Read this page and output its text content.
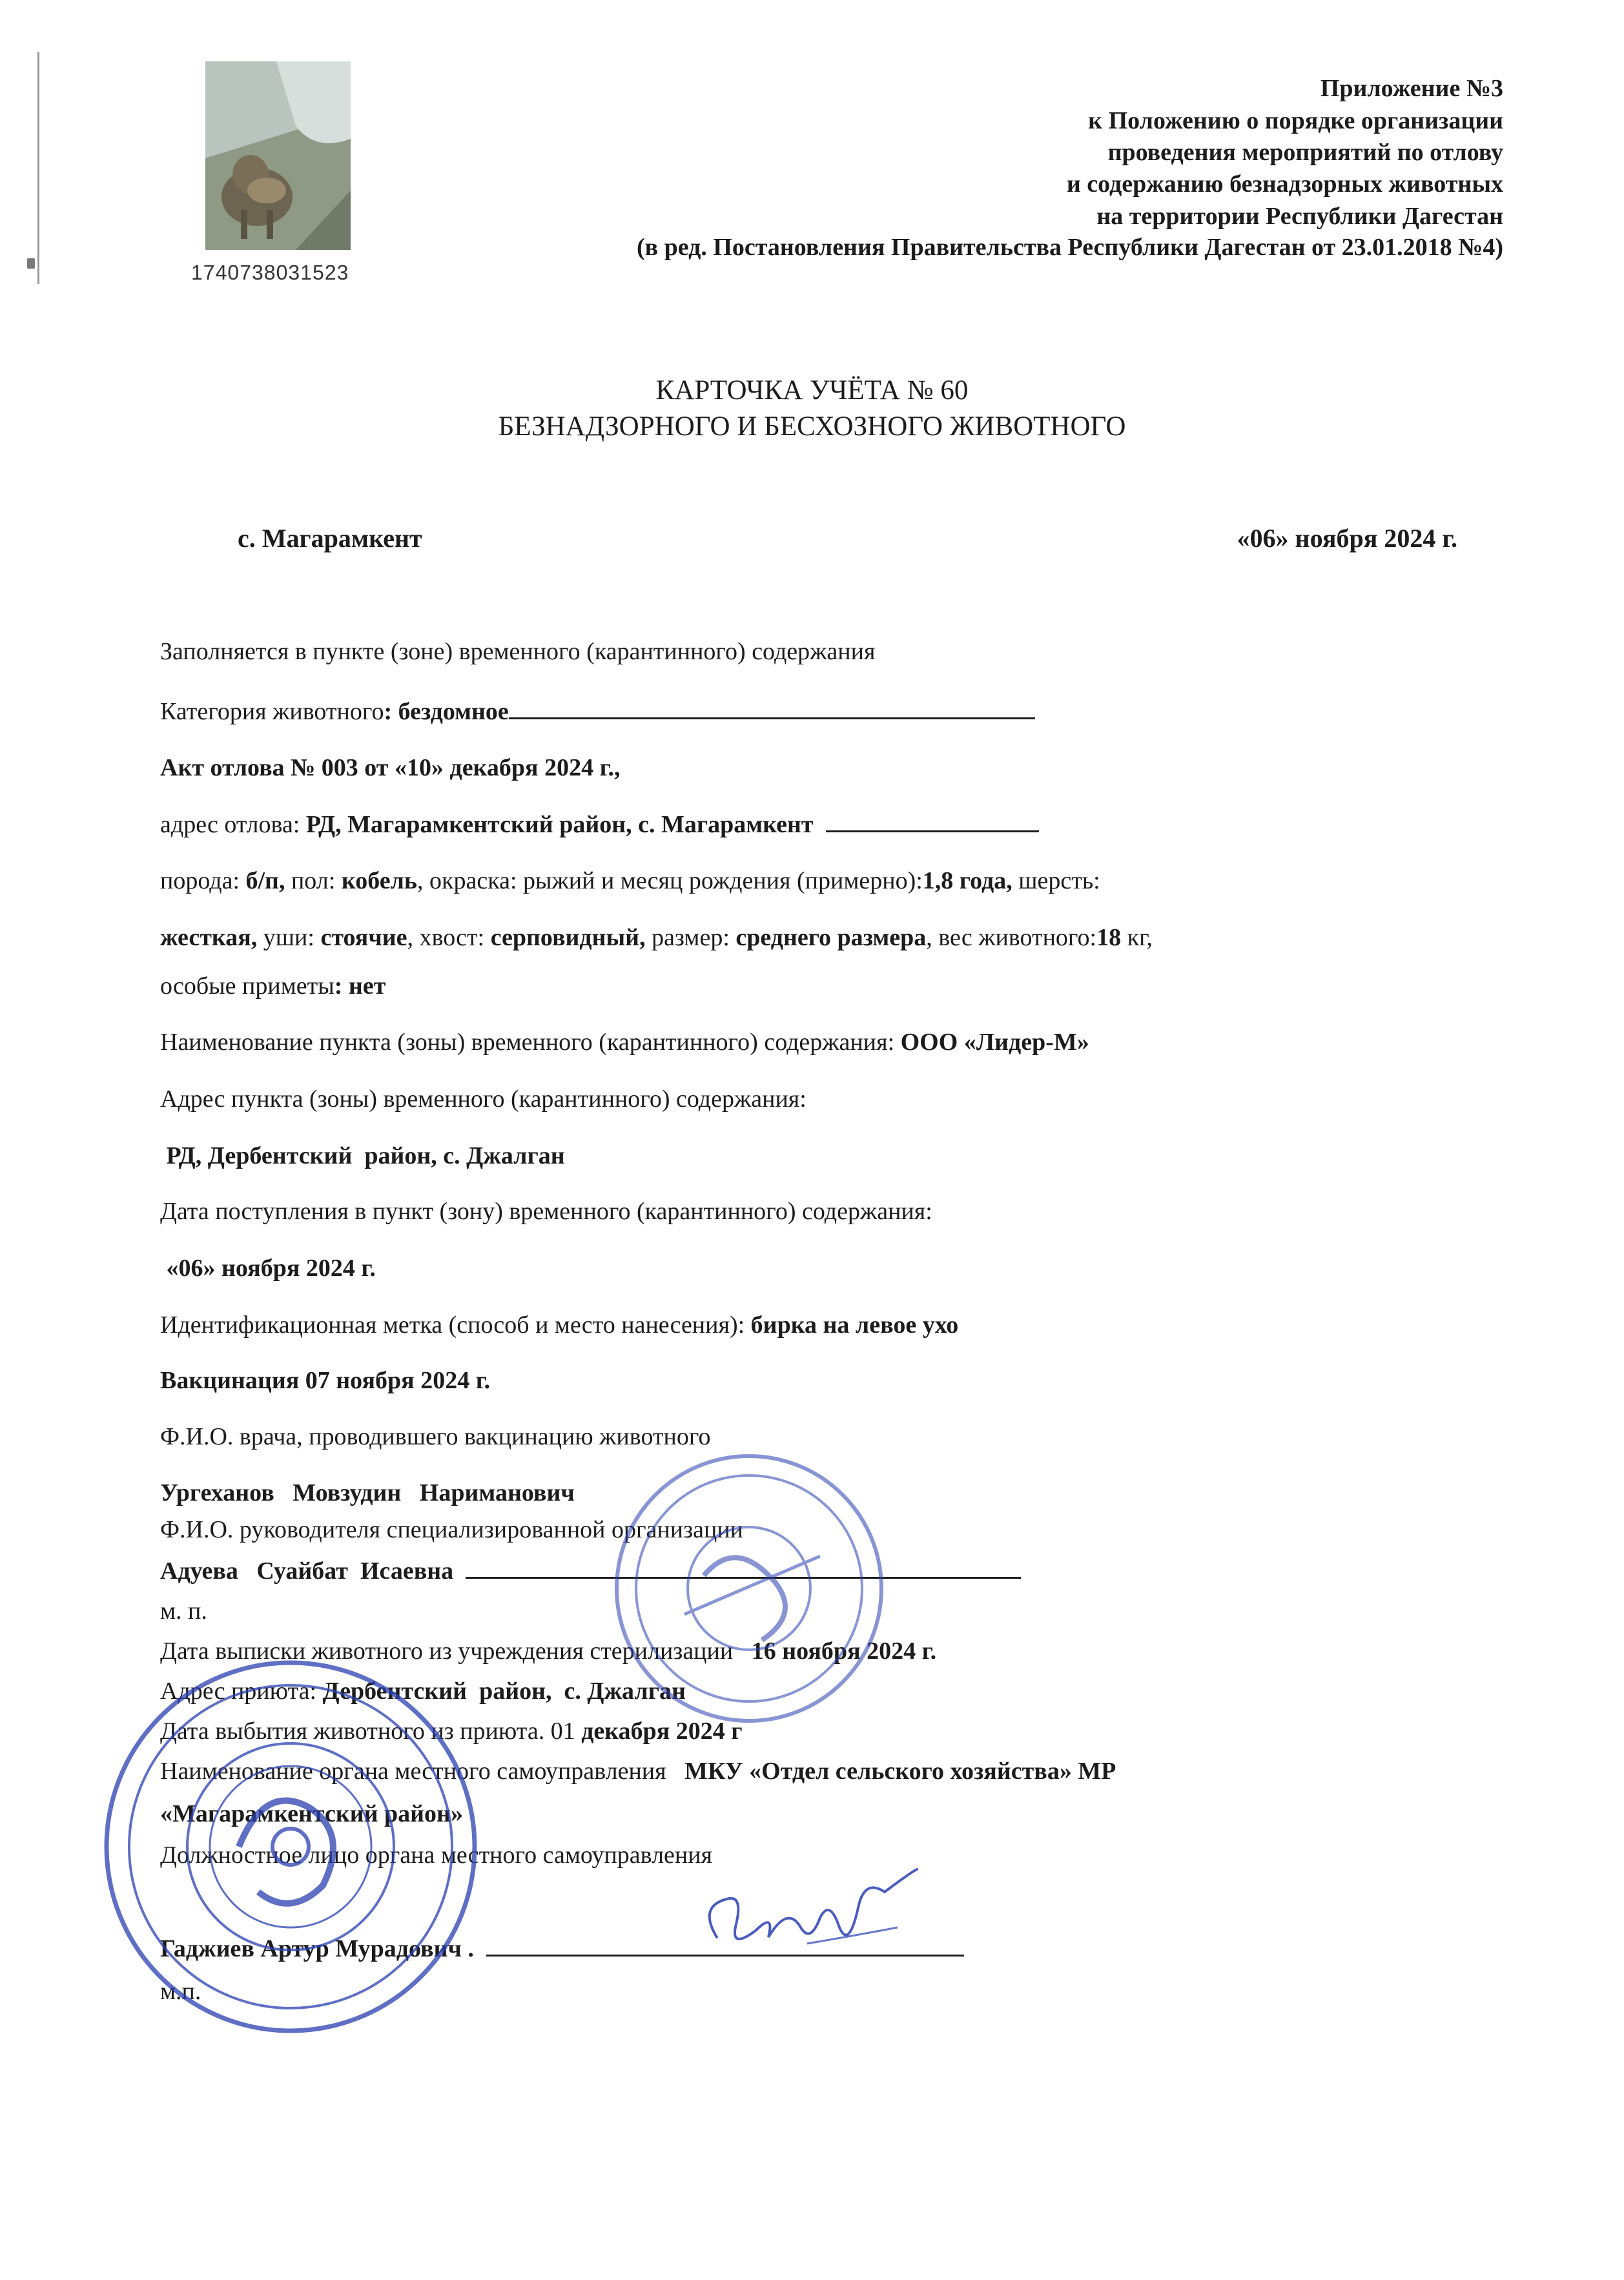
1740738031523
Приложение №3
к Положению о порядке организации
проведения мероприятий по отлову
и содержанию безнадзорных животных
на территории Республики Дагестан
(в ред. Постановления Правительства Республики Дагестан от 23.01.2018 №4)
КАРТОЧКА УЧЁТА № 60
БЕЗНАДЗОРНОГО И БЕСХОЗНОГО ЖИВОТНОГО
с. Магарамкент	«06» ноября 2024 г.
Заполняется в пункте (зоне) временного (карантинного) содержания
Категория животного: бездомное
Акт отлова № 003 от «10» декабря 2024 г.,
адрес отлова: РД, Магарамкентский район, с. Магарамкент
порода: б/п, пол: кобель, окраска: рыжий и месяц рождения (примерно):1,8 года, шерсть:
жесткая, уши: стоячие, хвост: серповидный, размер: среднего размера, вес животного:18 кг,
особые приметы: нет
Наименование пункта (зоны) временного (карантинного) содержания: ООО «Лидер-М»
Адрес пункта (зоны) временного (карантинного) содержания:
РД, Дербентский  район, с. Джалган
Дата поступления в пункт (зону) временного (карантинного) содержания:
«06» ноября 2024 г.
Идентификационная метка (способ и место нанесения): бирка на левое ухо
Вакцинация 07 ноября 2024 г.
Ф.И.О. врача, проводившего вакцинацию животного
Ургеханов   Мовзудин   Нариманович
Ф.И.О. руководителя специализированной организации
Адуева   Суайбат  Исаевна
м. п.
Дата выписки животного из учреждения стерилизации   16 ноября 2024 г.
Адрес приюта: Дербентский  район,  с. Джалган
Дата выбытия животного из приюта. 01 декабря 2024 г
Наименование органа местного самоуправления   МКУ «Отдел сельского хозяйства» МР
«Магарамкентский район»
Должностное лицо органа местного самоуправления
Гаджиев Артур Мурадович .
м.п.
